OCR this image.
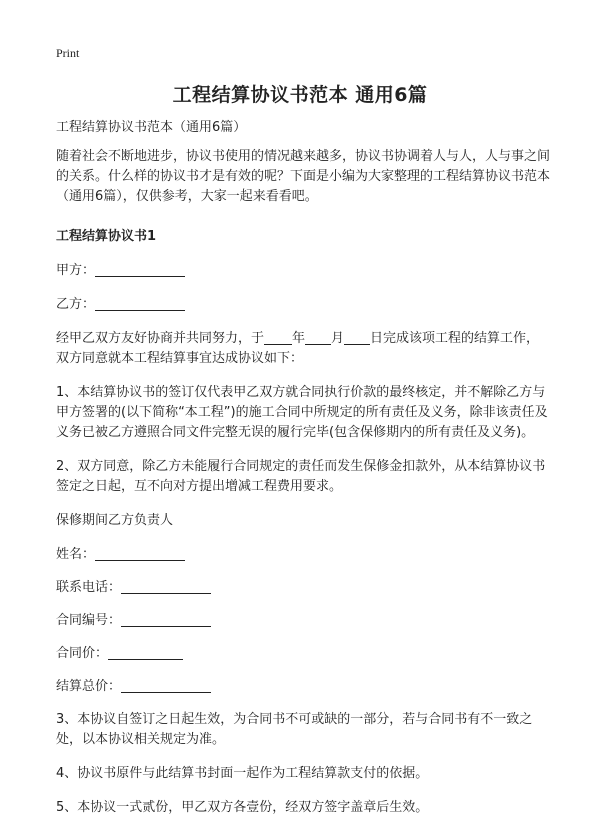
Print
工程结算协议书范本 通用6篇

工程结算协议书范本（通用6篇）

随着社会不断地进步，协议书使用的情况越来越多，协议书协调着人与人，人与事之间的关系。什么样的协议书才是有效的呢？下面是小编为大家整理的工程结算协议书范本（通用6篇），仅供参考，大家一起来看看吧。

工程结算协议书1

甲方：

乙方：

经甲乙双方友好协商并共同努力，于 年 月 日完成该项工程的结算工作，双方同意就本工程结算事宜达成协议如下：

1、本结算协议书的签订仅代表甲乙双方就合同执行价款的最终核定，并不解除乙方与甲方签署的(以下简称“本工程”)的施工合同中所规定的所有责任及义务，除非该责任及义务已被乙方遵照合同文件完整无误的履行完毕(包含保修期内的所有责任及义务)。

2、双方同意，除乙方未能履行合同规定的责任而发生保修金扣款外，从本结算协议书签定之日起，互不向对方提出增减工程费用要求。

保修期间乙方负责人

姓名：

联系电话：

合同编号：

合同价：

结算总价：

3、本协议自签订之日起生效，为合同书不可或缺的一部分，若与合同书有不一致之处，以本协议相关规定为准。

4、协议书原件与此结算书封面一起作为工程结算款支付的依据。

5、本协议一式贰份，甲乙双方各壹份，经双方签字盖章后生效。
